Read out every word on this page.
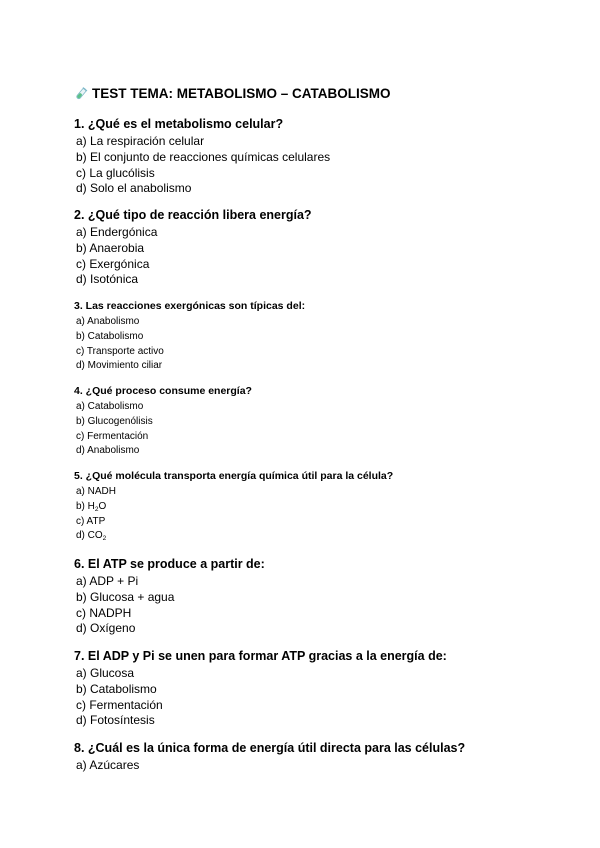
TEST TEMA: METABOLISMO – CATABOLISMO
1. ¿Qué es el metabolismo celular?
a) La respiración celular
b) El conjunto de reacciones químicas celulares
c) La glucólisis
d) Solo el anabolismo
2. ¿Qué tipo de reacción libera energía?
a) Endergónica
b) Anaerobia
c) Exergónica
d) Isotónica
3. Las reacciones exergónicas son típicas del:
a) Anabolismo
b) Catabolismo
c) Transporte activo
d) Movimiento ciliar
4. ¿Qué proceso consume energía?
a) Catabolismo
b) Glucogenólisis
c) Fermentación
d) Anabolismo
5. ¿Qué molécula transporta energía química útil para la célula?
a) NADH
b) $H_2O$
c) ATP
d) $CO_2$
6. El ATP se produce a partir de:
a) ADP + Pi
b) Glucosa + agua
c) NADPH
d) Oxígeno
7. El ADP y Pi se unen para formar ATP gracias a la energía de:
a) Glucosa
b) Catabolismo
c) Fermentación
d) Fotosíntesis
8. ¿Cuál es la única forma de energía útil directa para las células?
a) Azúcares
